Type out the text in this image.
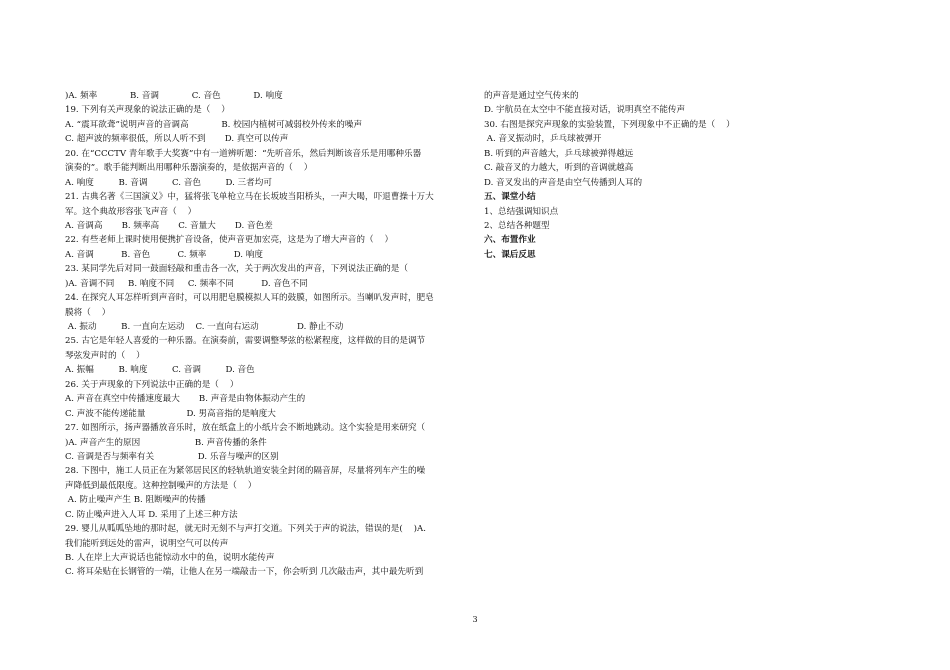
)A. 频率            B. 音调            C. 音色            D. 响度
19. 下列有关声现象的说法正确的是（    ）
A. “震耳欲聋”说明声音的音调高            B. 校园内植树可减弱校外传来的噪声
C. 超声波的频率很低，所以人听不到       D. 真空可以传声
20. 在“CCCTV 青年歌手大奖赛”中有一道辨听题：“先听音乐，然后判断该音乐是用哪种乐器
演奏的”。歌手能判断出用哪种乐器演奏的，是依据声音的（    ）
A. 响度         B. 音调         C. 音色         D. 三者均可
21. 古典名著《三国演义》中，猛将张飞单枪立马在长坂坡当阳桥头，一声大喝，吓退曹操十万大
军。这个典故形容张飞声音（    ）
A. 音调高       B. 频率高       C. 音量大       D. 音色差
22. 有些老师上课时使用便携扩音设备，使声音更加宏亮，这是为了增大声音的（    ）
A. 音调          B. 音色          C. 频率          D. 响度
23. 某同学先后对同一鼓面轻敲和重击各一次，关于两次发出的声音，下列说法正确的是（
)A. 音调不同     B. 响度不同     C. 频率不同          D. 音色不同
24. 在探究人耳怎样听到声音时，可以用肥皂膜模拟人耳的鼓膜，如图所示。当喇叭发声时，肥皂
膜将（    ）
A. 振动         B. 一直向左运动    C. 一直向右运动              D. 静止不动
25. 古它是年轻人喜爱的一种乐器。在演奏前，需要调整琴弦的松紧程度，这样做的目的是调节
琴弦发声时的（    ）
A. 振幅         B. 响度         C. 音调         D. 音色
26. 关于声现象的下列说法中正确的是（    ）
A. 声音在真空中传播速度最大       B. 声音是由物体振动产生的
C. 声波不能传递能量               D. 男高音指的是响度大
27. 如图所示，扬声器播放音乐时，放在纸盒上的小纸片会不断地跳动。这个实验是用来研究（
)A. 声音产生的原因                    B. 声音传播的条件
C. 音调是否与频率有关                D. 乐音与噪声的区别
28. 下图中，施工人员正在为紧邻居民区的轻轨轨道安装全封闭的隔音屏，尽量将列车产生的噪
声降低到最低限度。这种控制噪声的方法是（    ）
A. 防止噪声产生 B. 阻断噪声的传播
C. 防止噪声进入人耳 D. 采用了上述三种方法
29. 婴儿从呱呱坠地的那时起，就无时无刻不与声打交道。下列关于声的说法，错误的是(    )A.
我们能听到远处的雷声，说明空气可以传声
B. 人在岸上大声说话也能惊动水中的鱼，说明水能传声
C. 将耳朵贴在长钢管的一端，让他人在另一端敲击一下，你会听到 几次敲击声，其中最先听到
的声音是通过空气传来的
D. 宇航员在太空中不能直接对话，说明真空不能传声
30. 右图是探究声现象的实验装置，下列现象中不正确的是（    ）
A. 音叉振动时，乒乓球被弹开
B. 听到的声音越大，乒乓球被弹得越远
C. 敲音叉的力越大，听到的音调就越高
D. 音叉发出的声音是由空气传播到人耳的
五、课堂小结
1、总结强调知识点
2、总结各种题型
六、布置作业
七、课后反思
3
